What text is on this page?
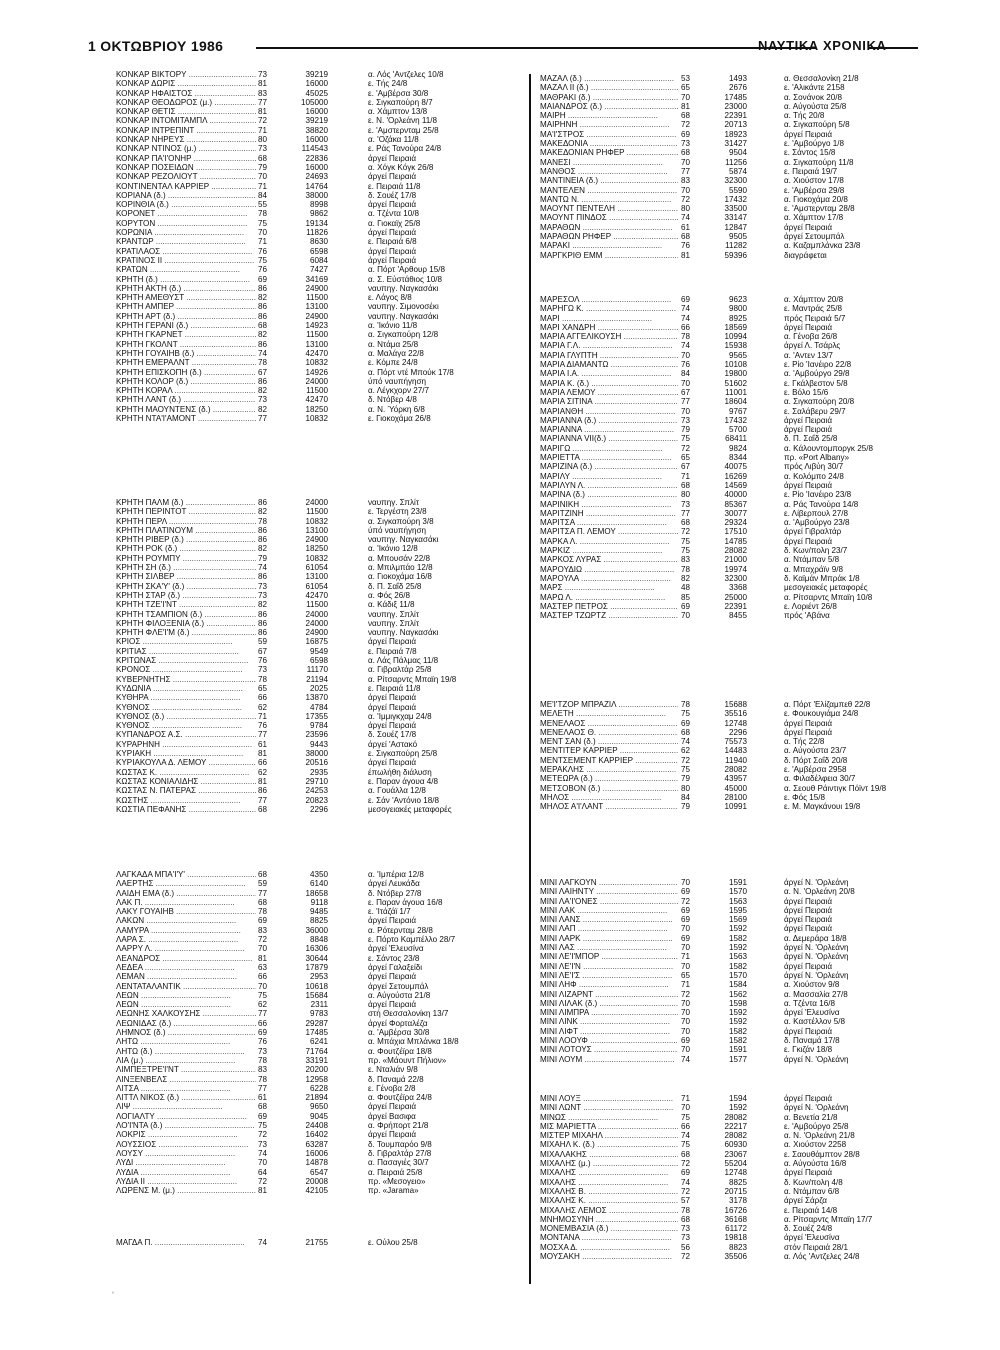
1 ΟΚΤΩΒΡΙΟΥ 1986	ΝΑΥΤΙΚΑ ΧΡΟΝΙΚΑ
ΚΟΝΚΑΡ ΒΙΚΤΟΡΥ .....	73	39219	α. Λός 'Αντζελες 10/8
ΚΟΝΚΑΡ ΔΩΡΙΣ .....	81	16000	ε. Τής 24/8
ΚΟΝΚΑΡ ΗΦΑΙΣΤΟΣ .....	83	45025	ε. 'Αμβέρσα 30/8
ΚΟΝΚΑΡ ΘΕΟΔΩΡΟΣ (μ.) .....	77	105000	ε. Σιγκαπούρη 8/7
ΚΟΝΚΑΡ ΘΕΤΙΣ .....	81	16000	α. Χάμπτον 13/8
ΚΟΝΚΑΡ ΙΝΤΟΜΙΤΑΜΠΛ .....	72	39219	ε. Ν. 'Ορλεάνη 11/8
ΚΟΝΚΑΡ ΙΝΤΡΕΠΙΝΤ .....	71	38820	ε. 'Αμστερνταμ 25/8
ΚΟΝΚΑΡ ΝΗΡΕΥΣ .....	80	16000	α. 'Οζάκα 11/8
ΚΟΝΚΑΡ ΝΤΙΝΟΣ (μ.) .....	73	114543	ε. Ράς Τανούρα 24/8
ΚΟΝΚΑΡ ΠΑ'Ι'ΟΝΗΡ .....	68	22836	άργεί Πειραιά
ΚΟΝΚΑΡ ΠΟΣΕΙΔΩΝ .....	79	16000	α. Χόγκ Κόγκ 26/8
ΚΟΝΚΑΡ ΡΕΖΟΛΙΟΥΤ .....	70	24693	άργεί Πειραιά
ΚΟΝΤΙΝΕΝΤΑΛ ΚΑΡΡΙΕΡ .....	71	14764	ε. Πειραιά 11/8
ΚΟΡΙΑΝΑ (δ.) .....	84	38000	δ. Σουέζ 17/8
ΚΟΡΙΝΘΙΑ (δ.) .....	55	8998	άργεί Πειραιά
ΚΟΡΟΝΕΤ .....	78	9862	α. Τζέντα 10/8
ΚΟΡΥΤΟΝ .....	75	19134	α. Γιοκαϊχ 25/8
ΚΟΡΩΝΙΑ .....	70	11826	άργεί Πειραιά
ΚΡΑΝΤΩΡ .....	71	8630	ε. Πειραιά 6/8
ΚΡΑΤΙΛΑΟΣ .....	76	6598	άργεί Πειραιά
ΚΡΑΤΙΝΟΣ ΙΙ .....	75	6084	άργεί Πειραιά
ΚΡΑΤΩΝ .....	76	7427	α. Πόρτ 'Αρθουρ 15/8
ΚΡΗΤΗ (δ.) .....	69	34169	α. Σ. Εύστάθιος 10/8
ΚΡΗΤΗ ΑΚΤΗ (δ.) .....	86	24900	ναυπηγ. Ναγκασάκι
ΚΡΗΤΗ ΑΜΕΘΥΣΤ .....	82	11500	ε. Λάγος 8/8
ΚΡΗΤΗ ΑΜΠΕΡ .....	86	13100	ναυπηγ. Σιμονοσέκι
ΚΡΗΤΗ ΑΡΤ (δ.) .....	86	24900	ναυπηγ. Ναγκασάκι
ΚΡΗΤΗ ΓΕΡΑΝΙ (δ.) .....	68	14923	α. 'Ικόνιο 11/8
ΚΡΗΤΗ ΓΚΑΡΝΕΤ .....	82	11500	α. Σιγκαπούρη 12/8
ΚΡΗΤΗ ΓΚΟΛΝΤ .....	86	13100	α. Ντάμα 25/8
ΚΡΗΤΗ ΓΟΥΑΙΗΒ (δ.) .....	74	42470	α. Μαλάγα 22/8
ΚΡΗΤΗ ΕΜΕΡΑΛΝΤ .....	78	10832	ε. Κόμπε 24/8
ΚΡΗΤΗ ΕΠΙΣΚΟΠΗ (δ.) .....	67	14926	α. Πόρτ ντέ Μπούκ 17/8
ΚΡΗΤΗ ΚΟΛΟΡ (δ.) .....	86	24000	ύπό ναυπήγηση
ΚΡΗΤΗ ΚΟΡΑΛ .....	82	11500	α. Λέγκχορν 27/7
ΚΡΗΤΗ ΛΑΝΤ (δ.) .....	73	42470	δ. Ντόβερ 4/8
ΚΡΗΤΗ ΜΑΟΥΝΤΕΝΣ (δ.) .....	82	18250	α. Ν. Ύόρκη 6/8
ΚΡΗΤΗ ΝΤΑ'Ι'ΑΜΟΝΤ .....	77	10832	ε. Γιοκοχάμα 26/8
ΚΡΗΤΗ ΠΑΛΜ (δ.) .....	86	24000	ναυπηγ. Σπλίτ
ΚΡΗΤΗ ΠΕΡΙΝΤΟΤ .....	82	11500	ε. Τεργέστη 23/8
ΚΡΗΤΗ ΠΕΡΛ .....	78	10832	α. Σιγκαπούρη 3/8
ΚΡΗΤΗ ΠΛΑΤΙΝΟΥΜ .....	86	13100	ύπό ναυπήγηση
ΚΡΗΤΗ ΡΙΒΕΡ (δ.) .....	86	24900	ναυπηγ. Ναγκασάκι
ΚΡΗΤΗ ΡΟΚ (δ.) .....	82	18250	α. 'Ικόνιο 12/8
ΚΡΗΤΗ ΡΟΥΜΠΥ .....	79	10832	α. Μπουσάν 22/8
ΚΡΗΤΗ ΣΗ (δ.) .....	74	61054	α. Μπιλμπάο 12/8
ΚΡΗΤΗ ΣΙΛΒΕΡ .....	86	13100	α. Γιοκοχάμα 16/8
ΚΡΗΤΗ ΣΚΑ'Υ' (δ.) .....	73	61054	δ. Π. Σαΐδ 25/8
ΚΡΗΤΗ ΣΤΑΡ (δ.) .....	73	42470	α. Φός 26/8
ΚΡΗΤΗ ΤΖΕ'Ι'ΝΤ .....	82	11500	α. Κάδιξ 11/8
ΚΡΗΤΗ ΤΣΑΜΠΙΟΝ (δ.) .....	86	24000	ναυπηγ. Σπλίτ
ΚΡΗΤΗ ΦΙΛΟΞΕΝΙΑ (δ.) .....	86	24000	ναυπηγ. Σπλίτ
ΚΡΗΤΗ ΦΛΕ'Ι'Μ (δ.) .....	86	24900	ναυπηγ. Ναγκασάκι
ΚΡΙΟΣ .....	59	16875	άργεί Πειραιά
ΚΡΙΤΙΑΣ .....	67	9549	ε. Πειραιά 7/8
ΚΡΙΤΩΝΑΣ .....	76	6598	α. Λάς Πάλμας 11/8
ΚΡΟΝΟΣ .....	73	11170	α. Γιβραλτάρ 25/8
ΚΥΒΕΡΝΗΤΗΣ .....	78	21194	α. Ρίτσαρντς Μπαϊη 19/8
ΚΥΔΩΝΙΑ .....	65	2025	ε. Πειραιά 11/8
ΚΥΘΗΡΑ .....	66	13870	άργεί Πειραιά
ΚΥΘΝΟΣ .....	62	4784	άργεί Πειραιά
ΚΥΘΝΟΣ (δ.) .....	71	17355	α. 'Ιμμιγκχαμ 24/8
ΚΥΘΝΟΣ .....	76	9784	άργεί Πειραιά
ΚΥΠΑΝΔΡΟΣ Α.Σ. .....	77	23596	δ. Σουέζ 17/8
ΚΥΡΑΡΗΝΗ .....	61	9443	άργεί 'Αστακό
ΚΥΡΙΑΚΗ .....	81	38000	ε. Σιγκαπούρη 25/8
ΚΥΡΙΑΚΟΥΛΑ Δ. ΛΕΜΟΥ .....	66	20516	άργεί Πειραιά
ΚΩΣΤΑΣ Κ. .....	62	2935	έπωλήθη διάλυση
ΚΩΣΤΑΣ ΚΟΝΙΑΛΙΔΗΣ .....	81	29710	ε. Παραν άγουα 4/8
ΚΩΣΤΑΣ Ν. ΠΑΤΕΡΑΣ .....	86	24253	α. Γουάλλα 12/8
ΚΩΣΤΗΣ .....	77	20823	ε. Σάν 'Αντόνιο 18/8
ΚΩΣΤΙΑ ΠΕΦΑΝΗΣ .....	68	2296	μεσογειακές μεταφορές
ΛΑΓΚΑΔΑ ΜΠΑ'Ι'Υ' .....	68	4350	α. 'Ιμπέρια 12/8
ΛΑΕΡΤΗΣ .....	59	6140	άργεί Λευκάδα
ΛΑΙΔΗ ΕΜΑ (δ.) .....	77	18658	δ. Ντόβερ 27/8
ΛΑΚ Π. .....	68	9118	ε. Παραν άγουα 16/8
ΛΑΚΥ ΓΟΥΑΙΗΒ .....	78	9485	ε. 'Ιτάζάϊ 1/7
ΛΑΚΩΝ .....	69	8825	άργεί Πειραιά
ΛΑΜΥΡΑ .....	83	36000	α. Ρότερνταμ 28/8
ΛΑΡΑ Σ. .....	72	8848	ε. Πόρτο Καμπέλλο 28/7
ΛΑΡΡΥ Λ. .....	70	16306	άργεί 'Ελευσίνα
ΛΕΑΝΔΡΟΣ .....	81	30644	ε. Σάντος 23/8
ΛΕΔΕΑ .....	63	17879	άργεί Γαλαξείδι
ΛΕΜΑΝ .....	66	2953	άργεί Πειραιά
ΛΕΝΤΑΤΑΛΑΝΤΙΚ .....	70	10618	άργεί Σετουμπάλ
ΛΕΩΝ .....	75	15684	α. Αύγούστα 21/8
ΛΕΩΝ .....	62	2311	άργεί Πειραιά
ΛΕΩΝΗΣ ΧΑΛΚΟΥΣΗΣ .....	77	9783	στή Θεσσαλονίκη 13/7
ΛΕΩΝΙΔΑΣ (δ.) .....	66	29287	άργεί Φορταλέζα
ΛΗΜΝΟΣ (δ.) .....	69	17485	α. 'Αμβέρσα 30/8
ΛΗΤΩ .....	76	6241	α. Μπάχια Μπλάνκα 18/8
ΛΗΤΩ (δ.) .....	73	71764	α. Φουτζέϊρα 18/8
ΛΙΑ (μ.) .....	78	33191	πρ. «Μάουντ Πήλιον»
ΛΙΜΠΕΞΤΡΕ'Ι'ΝΤ .....	83	20200	ε. Νταλιάν 9/8
ΛΙΝΞΕΝΒΕΛΣ .....	78	12958	δ. Παναμά 22/8
ΛΙΤΣΑ .....	77	6228	ε. Γένοβα 2/8
ΛΙΤΤΛ ΝΙΚΟΣ (δ.) .....	61	21894	α. Φουτζέϊρα 24/8
ΛΙΨ .....	68	9650	άργεί Πειραιά
ΛΟΓΙΑΛΤΥ .....	69	9045	άργεί Βασιφα
ΛΟ'Ι'ΝΤΑ (δ.) .....	75	24408	α. Φρήπορτ 21/8
ΛΟΚΡΙΣ .....	72	16402	άργεί Πειραιά
ΛΟΥΣΣΙΟΣ .....	73	63287	δ. Τουμπαρόο 9/8
ΛΟΥΣΥ .....	74	16006	δ. Γιβραλτάρ 27/8
ΛΥΔΙ .....	70	14878	α. Πασαγιές 30/7
ΛΥΔΙΑ .....	64	6547	α. Πειραιά 25/8
ΛΥΔΙΑ ΙΙ .....	72	20008	πρ. «Μεσογειο»
ΛΩΡΕΝΣ Μ. (μ.) .....	81	42105	πρ. «Jarama»
ΜΑΓΔΑ Π. .....	74	21755	ε. Ούλου 25/8
ΜΑΖΑΛ (δ.) .....	53	1493	α. Θεσσαλονίκη 21/8
ΜΑΖΑΛ ΙΙ (δ.) .....	65	2676	ε. 'Αλικάντε 2158
ΜΑΘΡΑΚΙ (δ.) .....	70	17485	α. Σονάνοκ 20/8
ΜΑΙΑΝΔΡΟΣ (δ.) .....	81	23000	α. Αύγούστα 25/8
ΜΑΙΡΗ .....	68	22391	α. Τής 20/8
ΜΑΙΡΗΝΗ .....	72	20713	α. Σιγκαπούρη 5/8
ΜΑ'Ι'ΣΤΡΟΣ .....	69	18923	άργεί Πειραιά
ΜΑΚΕΔΟΝΙΑ .....	73	31427	ε. 'Αμβούργο 1/8
ΜΑΚΕΔΟΝΙΑΝ ΡΗΦΕΡ .....	68	9504	ε. Σάντος 15/8
ΜΑΝΕΣΙ .....	70	11256	α. Σιγκαπούρη 11/8
ΜΑΝΘΟΣ .....	77	5874	ε. Πειραιά 19/7
ΜΑΝΤΙΝΕΙΑ (δ.) .....	83	32300	α. Χιούστον 17/8
ΜΑΝΤΕΛΕΝ .....	70	5590	ε. 'Αμβέρσα 29/8
ΜΑΝΤΩ Ν. .....	72	17432	α. Γιοκοχάμα 20/8
ΜΑΟΥΝΤ ΠΕΝΤΕΛΗ .....	80	33500	ε. 'Αμστερνταμ 28/8
ΜΑΟΥΝΤ ΠΙΝΔΟΣ .....	74	33147	α. Χάμπτον 17/8
ΜΑΡΑΘΩΝ .....	61	12847	άργεί Πειραιά
ΜΑΡΑΘΩΝ ΡΗΦΕΡ .....	68	9505	άργεί Σετουμπάλ
ΜΑΡΑΚΙ .....	76	11282	α. Καζαμπλάνκα 23/8
ΜΑΡΓΚΡΙΘ ΕΜΜ .....	81	59396	διαγράφεται
ΜΑΡΕΣΟΛ .....	69	9623	α. Χάμπτον 20/8
ΜΑΡΗΓΩ Κ. .....	74	9800	ε. Μαντράς 25/8
ΜΑΡΙ .....	74	8925	πρός Πειραιά 5/7
ΜΑΡΙ ΧΑΝΔΡΗ .....	66	18569	άργεί Πειραιά
ΜΑΡΙΑ ΑΓΓΕΛΙΚΟΥΣΗ .....	78	10994	α. Γένοβα 26/8
ΜΑΡΙΑ Γ.Λ. .....	74	15938	άργεί Λ. Τσάρλς
ΜΑΡΙΑ ΓΛΥΠΤΗ .....	70	9565	α. 'Αντεν 13/7
ΜΑΡΙΑ ΔΙΑΜΑΝΤΩ .....	76	10108	ε. Ρίο 'Ιανέιρο 22/8
ΜΑΡΙΑ Ι.Α. .....	84	19800	α. 'Αμβούργο 29/8
ΜΑΡΙΑ Κ. (δ.) .....	70	51602	ε. Γκάλβεστον 5/8
ΜΑΡΙΑ ΛΕΜΟΥ .....	67	11001	ε. Βόλο 15/6
ΜΑΡΙΑ ΣΙΤΙΝΑ .....	77	18604	α. Σιγκαπούρη 20/8
ΜΑΡΙΑΝΘΗ .....	70	9767	ε. Σαλάβερυ 29/7
ΜΑΡΙΑΝΝΑ (δ.) .....	73	17432	άργεί Πειραιά
ΜΑΡΙΑΝΝΑ .....	79	5700	άργεί Πειραιά
ΜΑΡΙΑΝΝΑ VII(δ.) .....	75	68411	δ. Π. Σαΐδ 25/8
ΜΑΡΙΓΩ .....	72	9824	α. Κάλουντομποργκ 25/8
ΜΑΡΙΕΤΤΑ .....	65	8344	πρ. «Port Albany»
ΜΑΡΙΖΙΝΑ (δ.) .....	67	40075	πρός Λιβύη 30/7
ΜΑΡΙΛΥ .....	71	16269	α. Κολόμπο 24/8
ΜΑΡΙΛΥΝ Λ. .....	68	14569	άργεί Πειραιά
ΜΑΡΙΝΑ (δ.) .....	80	40000	ε. Ρίο 'Ιανέιρο 23/8
ΜΑΡΙΝΙΚΗ .....	73	85367	α. Ράς Τανούρα 14/8
ΜΑΡΙΤΖΙΝΗ .....	77	30077	ε. Λίβερπουλ 27/8
ΜΑΡΙΤΣΑ .....	68	29324	α. 'Αμβούργο 23/8
ΜΑΡΙΤΣΑ Π. ΛΕΜΟΥ .....	72	17510	άργεί Γιβραλτάρ
ΜΑΡΚΑ Λ. .....	75	14785	άργεί Πειραιά
ΜΑΡΚΙΖ .....	75	28082	δ. Κων/πολη 23/7
ΜΑΡΚΟΣ ΛΥΡΑΣ .....	83	21000	α. Ντάμπαν 5/8
ΜΑΡΟΥΔΙΩ .....	78	19974	α. Μπαχράϊν 9/8
ΜΑΡΟΥΛΑ .....	82	32300	δ. Καϊμάν Μπράκ 1/8
ΜΑΡΣ .....	48	3368	μεσογειακές μεταφορές
ΜΑΡΩ Λ. .....	85	25000	α. Ρίτσαρντς Μπαϊη 10/8
ΜΑΣΤΕΡ ΠΕΤΡΟΣ .....	69	22391	ε. Λοριέντ 26/8
ΜΑΣΤΕΡ ΤΖΩΡΤΖ .....	70	8455	πρός 'Αβάνα
ΜΕ'Ι'ΤΖΟΡ ΜΠΡΑΖΙΛ .....	78	15688	α. Πόρτ 'Ελίζαμπεθ 22/8
ΜΕΛΕΤΗ .....	75	35516	ε. Φουκουγιάμα 24/8
ΜΕΝΕΛΑΟΣ .....	69	12748	άργεί Πειραιά
ΜΕΝΕΛΑΟΣ Θ. .....	68	2296	άργεί Πειραιά
ΜΕΝΤ ΣΑΝ (δ.) .....	74	75573	α. Τής 22/8
ΜΕΝΤΙΤΕΡ ΚΑΡΡΙΕΡ .....	62	14483	α. Αύγούστα 23/7
ΜΕΝΤΣΕΜΕΝΤ ΚΑΡΡΙΕΡ .....	72	11940	δ. Πόρτ Σαΐδ 20/8
ΜΕΡΑΚΛΗΣ .....	75	28082	ε. 'Αμβέρσα 2958
ΜΕΤΕΩΡΑ (δ.) .....	79	43957	α. Φιλαδέλφεια 30/7
ΜΕΤΣΟΒΟΝ (δ.) .....	80	45000	α. Σεουθ Ράιντιγκ Πόϊντ 19/8
ΜΗΛΟΣ .....	84	28100	ε. Φός 15/8
ΜΗΛΟΣ Α'Ι'ΛΑΝΤ .....	79	10991	ε. Μ. Μαγκάνουι 19/8
ΜΙΝΙ ΛΑΓΚΟΥΝ .....	70	1591	άργεί Ν. 'Ορλεάνη
ΜΙΝΙ ΛΑΙΗΝΤΥ .....	69	1570	α. Ν. 'Ορλεάνη 20/8
ΜΙΝΙ ΛΑ'Ι'ΟΝΕΣ .....	72	1563	άργεί Πειραιά
ΜΙΝΙ ΛΑΚ .....	69	1595	άργεί Πειραιά
ΜΙΝΙ ΛΑΝΣ .....	69	1569	άργεί Πειραιά
ΜΙΝΙ ΛΑΠ .....	70	1592	άργεί Πειραιά
ΜΙΝΙ ΛΑΡΚ .....	69	1582	α. Δεμεράρα 18/8
ΜΙΝΙ ΛΑΣ .....	70	1592	άργεί Ν. 'Ορλεάνη
ΜΙΝΙ ΛΕ'Ι'ΜΠΟΡ .....	71	1563	άργεί Ν. 'Ορλεάνη
ΜΙΝΙ ΛΕ'Ι'Ν .....	70	1582	άργεί Πειραιά
ΜΙΝΙ ΛΕ'Ι'Σ .....	65	1570	άργεί Ν. 'Ορλεάνη
ΜΙΝΙ ΛΗΦ .....	71	1584	α. Χιούστον 9/8
ΜΙΝΙ ΛΙΖΑΡΝΤ .....	72	1562	α. Μασσαλία 27/8
ΜΙΝΙ ΛΙΛΑΚ (δ.) .....	70	1598	α. Τζέντα 16/8
ΜΙΝΙ ΛΙΜΠΡΑ .....	70	1592	άργεί 'Ελευσίνα
ΜΙΝΙ ΛΙΝΚ .....	70	1592	α. Καστέλλον 5/8
ΜΙΝΙ ΛΙΦΤ .....	70	1582	άργεί Πειραιά
ΜΙΝΙ ΛΟΟΥΦ .....	69	1582	δ. Παναμά 17/8
ΜΙΝΙ ΛΟΤΟΥΣ .....	70	1591	ε. Γκιζάν 18/8
ΜΙΝΙ ΛΟΥΜ .....	74	1577	άργεί Ν. 'Ορλεάνη
ΜΙΝΙ ΛΟΥΞ .....	71	1594	άργεί Πειραιά
ΜΙΝΙ ΛΩΝΤ .....	70	1592	άργεί Ν. 'Ορλεάνη
ΜΙΝΩΣ .....	75	28082	α. Βενετία 21/8
ΜΙΣ ΜΑΡΙΕΤΤΑ .....	66	22217	ε. 'Αμβούργο 25/8
ΜΙΣΤΕΡ ΜΙΧΑΗΛ .....	74	28082	α. Ν. 'Ορλεάνη 21/8
ΜΙΧΑΗΛ Κ. (δ.) .....	75	60930	α. Χιούστον 2258
ΜΙΧΑΛΑΚΗΣ .....	68	23067	ε. Σαουθάμπτον 28/8
ΜΙΧΑΛΗΣ (μ.) .....	72	55204	α. Αύγούστα 16/8
ΜΙΧΑΛΗΣ .....	69	12748	άργεί Πειραιά
ΜΙΧΑΛΗΣ .....	74	8825	δ. Κων/πολη 4/8
ΜΙΧΑΛΗΣ Β. .....	72	20715	α. Ντάμπαν 6/8
ΜΙΧΑΛΗΣ Κ. .....	57	3178	άργεί Σάρζα
ΜΙΧΑΛΗΣ ΛΕΜΟΣ .....	78	16726	ε. Πειραιά 14/8
ΜΝΗΜΟΣΥΝΗ .....	68	36168	α. Ρίτσαρντς Μπαϊη 17/7
ΜΟΝΕΜΒΑΣΙΑ (δ.) .....	73	61172	δ. Σουέζ 24/8
ΜΟΝΤΑΝΑ .....	73	19818	άργεί 'Ελευσίνα
ΜΟΣΧΑ Δ. .....	56	8823	στόν Πειραιά 28/1
ΜΟΥΣΑΚΗ .....	72	35506	α. Λός 'Αντζελες 24/8
‘
